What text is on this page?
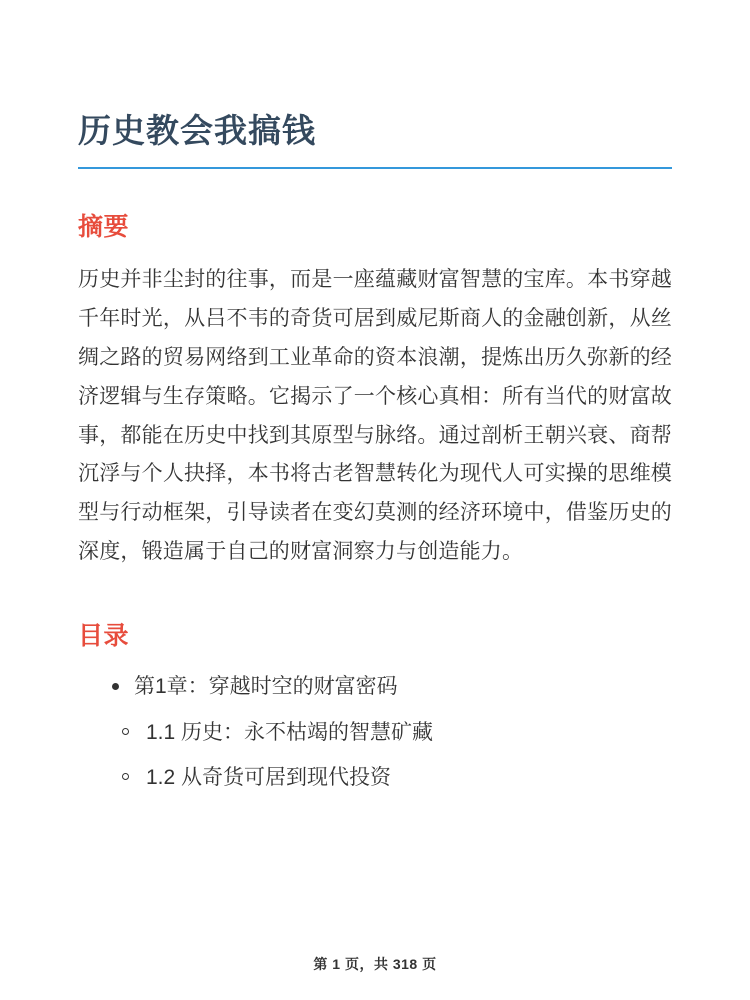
历史教会我搞钱
摘要

历史并非尘封的往事，而是一座蕴藏财富智慧的宝库。本书穿越千年时光，从吕不韦的奇货可居到威尼斯商人的金融创新，从丝绸之路的贸易网络到工业革命的资本浪潮，提炼出历久弥新的经济逻辑与生存策略。它揭示了一个核心真相：所有当代的财富故事，都能在历史中找到其原型与脉络。通过剖析王朝兴衰、商帮沉浮与个人抉择，本书将古老智慧转化为现代人可实操的思维模型与行动框架，引导读者在变幻莫测的经济环境中，借鉴历史的深度，锻造属于自己的财富洞察力与创造能力。

目录
第1章：穿越时空的财富密码
1.1 历史：永不枯竭的智慧矿藏
1.2 从奇货可居到现代投资
第 1 页，共 318 页
